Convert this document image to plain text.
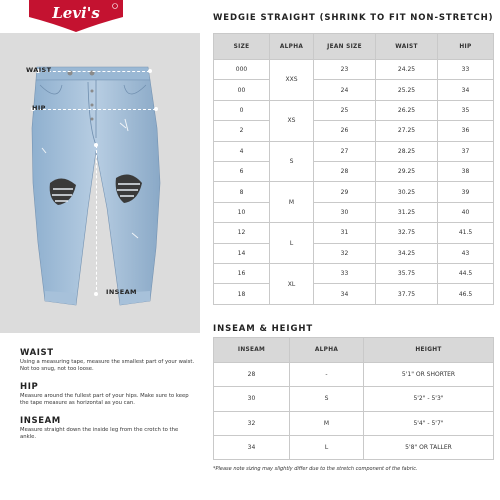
Levi's
WAIST
HIP
INSEAM
WAIST
Using a measuring tape, measure the smallest part of your waist. Not too snug, not too loose.
HIP
Measure around the fullest part of your hips. Make sure to keep the tape measure as horizontal as you can.
INSEAM
Measure straight down the inside leg from the crotch to the ankle.
WEDGIE STRAIGHT (SHRINK TO FIT NON-STRETCH)
SIZE	ALPHA	JEAN SIZE	WAIST	HIP
000	XXS	23	24.25	33
00		24	25.25	34
0	XS	25	26.25	35
2		26	27.25	36
4	S	27	28.25	37
6		28	29.25	38
8	M	29	30.25	39
10		30	31.25	40
12	L	31	32.75	41.5
14		32	34.25	43
16	XL	33	35.75	44.5
18		34	37.75	46.5
INSEAM & HEIGHT
INSEAM	ALPHA	HEIGHT
28	-	5'1" OR SHORTER
30	S	5'2" - 5'3"
32	M	5'4" - 5'7"
34	L	5'8" OR TALLER
*Please note sizing may slightly differ due to the stretch component of the fabric.
